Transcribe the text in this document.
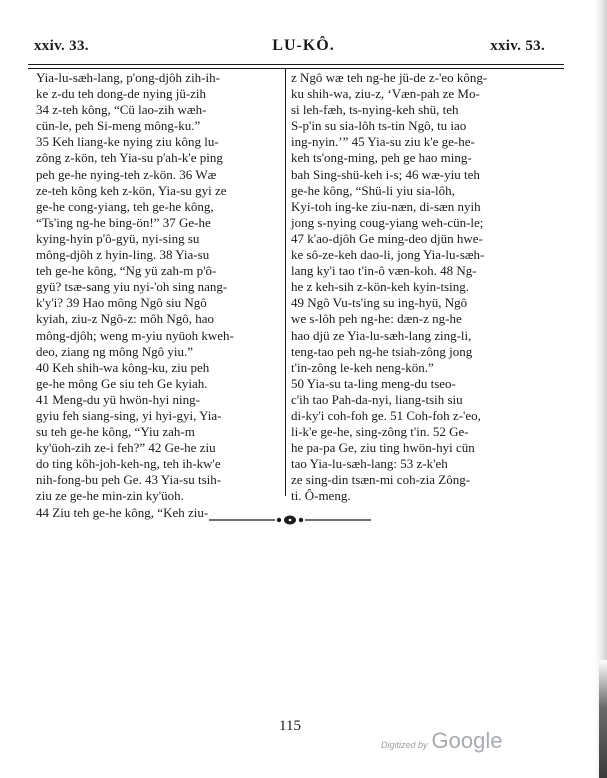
xxiv. 33.	LU-KÔ.	xxiv. 53.
Yia-lu-sæh-lang, p'ong-djôh zih-ih-
ke z-du teh dong-de nying jü-zih
34 z-teh kông, “Cü lao-zih wæh-
cün-le, peh Si-meng mông-ku.”
35 Keh liang-ke nying ziu kông lu-
zông z-kön, teh Yia-su p'ah-k'e ping
peh ge-he nying-teh z-kön. 36 Wæ
ze-teh kông keh z-kön, Yia-su gyi ze
ge-he cong-yiang, teh ge-he kông,
“Ts'ing ng-he bing-ön!” 37 Ge-he
kying-hyin p'ô-gyü, nyi-sing su
mông-djôh z hyin-ling. 38 Yia-su
teh ge-he kông, “Ng yü zah-m p'ô-
gyü? tsæ-sang yiu nyi-'oh sing nang-
k'y'i? 39 Hao mông Ngô siu Ngô
kyiah, ziu-z Ngô-z: môh Ngô, hao
mông-djôh; weng m-yiu nyüoh kweh-
deo, ziang ng mông Ngô yiu.”
40 Keh shih-wa kông-ku, ziu peh
ge-he mông Ge siu teh Ge kyiah.
41 Meng-du yü hwön-hyi ning-
gyiu feh siang-sing, yi hyi-gyi, Yia-
su teh ge-he kông, “Yiu zah-m
ky'üoh-zih ze-i feh?” 42 Ge-he ziu
do ting kôh-joh-keh-ng, teh ih-kw'e
nih-fong-bu peh Ge. 43 Yia-su tsih-
ziu ze ge-he min-zin ky'üoh.
44 Ziu teh ge-he kông, “Keh ziu-
z Ngô wæ teh ng-he jü-de z-'eo kông-
ku shih-wa, ziu-z, ‘Væn-pah ze Mo-
si leh-fæh, ts-nying-keh shü, teh
S-p'in su sia-lôh ts-tin Ngô, tu iao
ing-nyin.’” 45 Yia-su ziu k'e ge-he-
keh ts'ong-ming, peh ge hao ming-
bah Sing-shü-keh i-s; 46 wæ-yiu teh
ge-he kông, “Shü-li yiu sia-lôh,
Kyi-toh ing-ke ziu-næn, di-sæn nyih
jong s-nying coug-yiang weh-cün-le;
47 k'ao-djôh Ge ming-deo djün hwe-
ke sô-ze-keh dao-li, jong Yia-lu-sæh-
lang ky'i tao t'in-ô væn-koh. 48 Ng-
he z keh-sih z-kön-keh kyin-tsing.
49 Ngô Vu-ts'ing su ing-hyü, Ngô
we s-lôh peh ng-he: dæn-z ng-he
hao djü ze Yia-lu-sæh-lang zing-li,
teng-tao peh ng-he tsiah-zông jong
t'in-zông le-keh neng-kön.”
50 Yia-su ta-ling meng-du tseo-
c'ih tao Pah-da-nyi, liang-tsih siu
di-ky'i coh-foh ge. 51 Coh-foh z-'eo,
li-k'e ge-he, sing-zông t'in. 52 Ge-
he pa-pa Ge, ziu ting hwön-hyi cün
tao Yia-lu-sæh-lang: 53 z-k'eh
ze sing-din tsæn-mi coh-zia Zông-
ti. Ô-meng.
115
Digitized by Google
